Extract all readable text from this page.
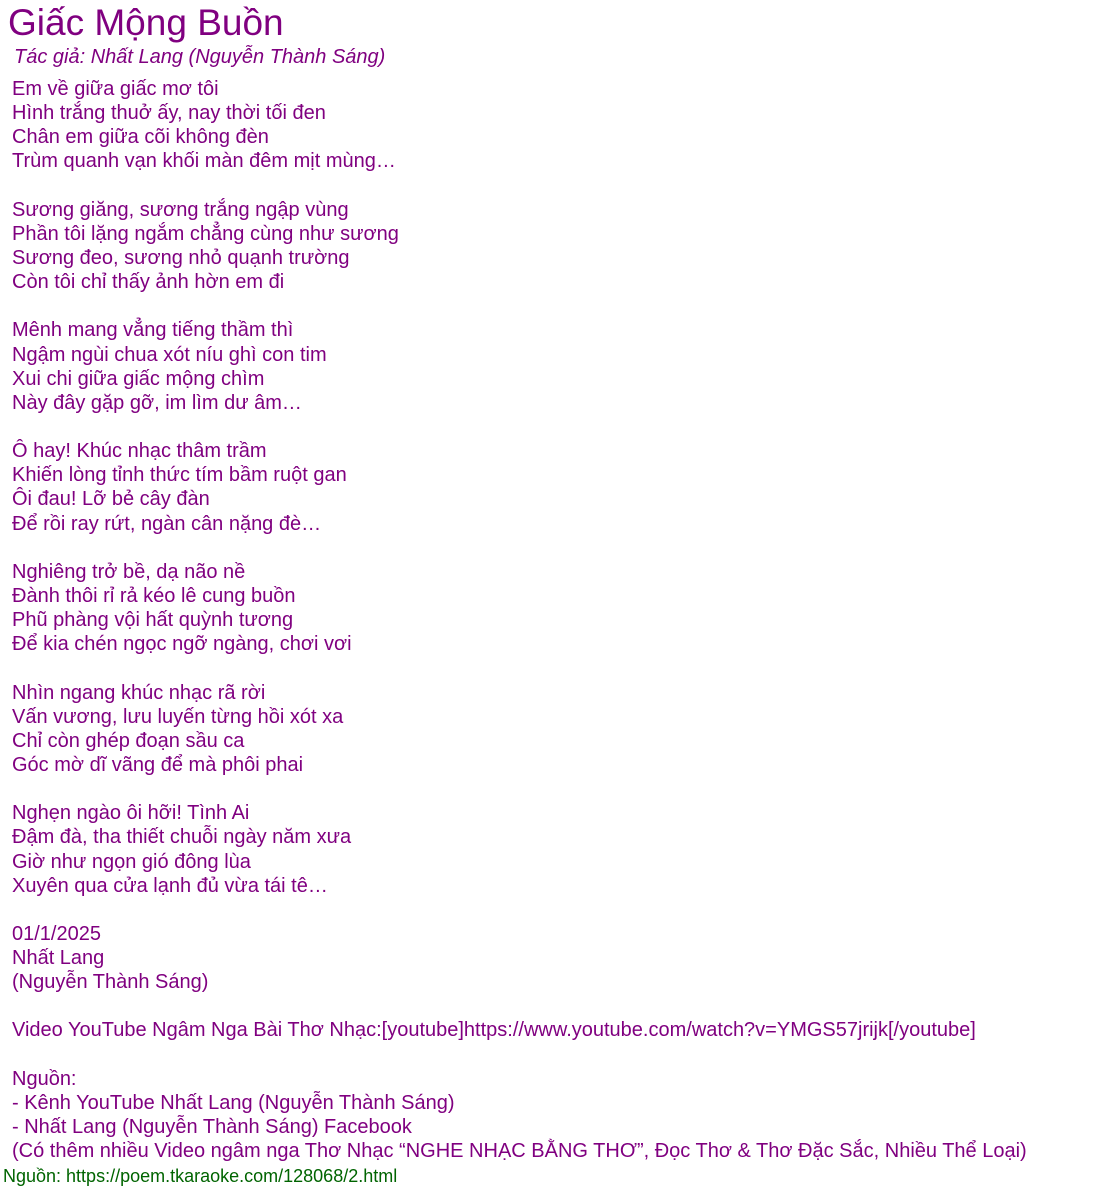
Giấc Mộng Buồn
Tác giả: Nhất Lang (Nguyễn Thành Sáng)
Em về giữa giấc mơ tôi
Hình trắng thuở ấy, nay thời tối đen
Chân em giữa cõi không đèn
Trùm quanh vạn khối màn đêm mịt mùng…
Sương giăng, sương trắng ngập vùng
Phần tôi lặng ngắm chẳng cùng như sương
Sương đeo, sương nhỏ quạnh trường
Còn tôi chỉ thấy ảnh hờn em đi
Mênh mang vẳng tiếng thầm thì
Ngậm ngùi chua xót níu ghì con tim
Xui chi giữa giấc mộng chìm
Này đây gặp gỡ, im lìm dư âm…
Ô hay! Khúc nhạc thâm trầm
Khiến lòng tỉnh thức tím bầm ruột gan
Ôi đau! Lỡ bẻ cây đàn
Để rồi ray rứt, ngàn cân nặng đè…
Nghiêng trở bề, dạ não nề
Đành thôi rỉ rả kéo lê cung buồn
Phũ phàng vội hất quỳnh tương
Để kia chén ngọc ngỡ ngàng, chơi vơi
Nhìn ngang khúc nhạc rã rời
Vấn vương, lưu luyến từng hồi xót xa
Chỉ còn ghép đoạn sầu ca
Góc mờ dĩ vãng để mà phôi phai
Nghẹn ngào ôi hỡi! Tình Ai
Đậm đà, tha thiết chuỗi ngày năm xưa
Giờ như ngọn gió đông lùa
Xuyên qua cửa lạnh đủ vừa tái tê…
01/1/2025
Nhất Lang
(Nguyễn Thành Sáng)
Video YouTube Ngâm Nga Bài Thơ Nhạc:[youtube]https://www.youtube.com/watch?v=YMGS57jrijk[/youtube]
Nguồn:
- Kênh YouTube Nhất Lang (Nguyễn Thành Sáng)
- Nhất Lang (Nguyễn Thành Sáng) Facebook
(Có thêm nhiều Video ngâm nga Thơ Nhạc “NGHE NHẠC BẰNG THƠ”, Đọc Thơ & Thơ Đặc Sắc, Nhiều Thể Loại)
Nguồn: https://poem.tkaraoke.com/128068/2.html
